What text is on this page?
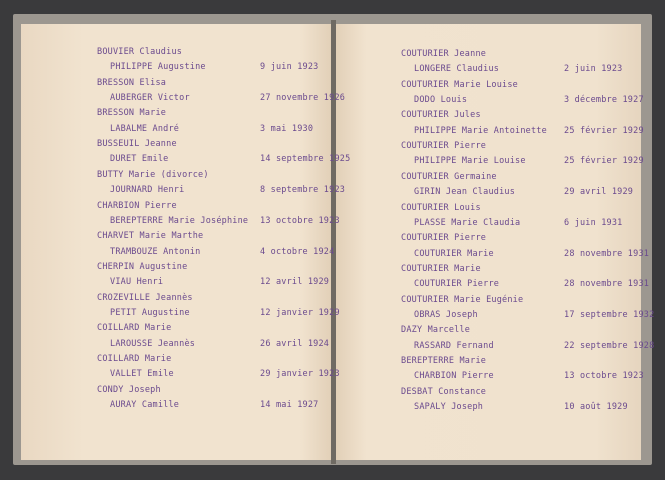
BOUVIER Claudius
PHILIPPE Augustine	9 juin 1923
BRESSON Elisa
AUBERGER Victor	27 novembre 1926
BRESSON Marie
LABALME André	3 mai 1930
BUSSEUIL Jeanne
DURET Emile	14 septembre 1925
BUTTY Marie (divorce)
JOURNARD Henri	8 septembre 1923
CHARBION Pierre
BEREPTERRE Marie Joséphine 13 octobre 1923
CHARVET Marie Marthe
TRAMBOUZE Antonin	4 octobre 1924
CHERPIN Augustine
VIAU Henri	12 avril 1929
CROZEVILLE Jeannès
PETIT Augustine	12 janvier 1929
COILLARD Marie
LAROUSSE Jeannès	26 avril 1924
COILLARD Marie
VALLET Emile	29 janvier 1923
CONDY Joseph
AURAY Camille	14 mai 1927
COUTURIER Jeanne
LONGERE Claudius	2 juin 1923
COUTURIER Marie Louise
DODO Louis	3 décembre 1927
COUTURIER Jules
PHILIPPE Marie Antoinette 25 février 1929
COUTURIER Pierre
PHILIPPE Marie Louise	25 février 1929
COUTURIER Germaine
GIRIN Jean Claudius	29 avril 1929
COUTURIER Louis
PLASSE Marie Claudia	6 juin 1931
COUTURIER Pierre
COUTURIER Marie	28 novembre 1931
COUTURIER Marie
COUTURIER Pierre	28 novembre 1931
COUTURIER Marie Eugénie
OBRAS Joseph	17 septembre 1932
DAZY Marcelle
RASSARD Fernand	22 septembre 1928
BEREPTERRE Marie
CHARBION Pierre	13 octobre 1923
DESBAT Constance
SAPALY Joseph	10 août 1929
